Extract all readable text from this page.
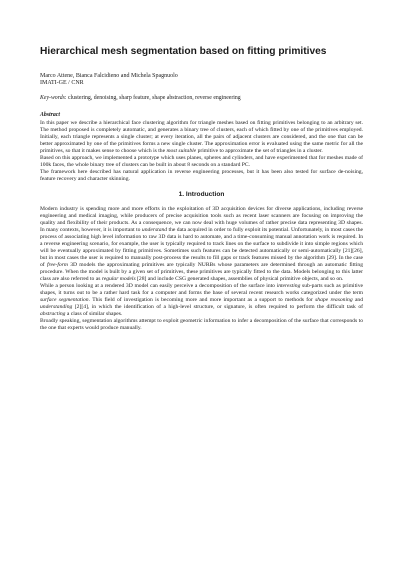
Hierarchical mesh segmentation based on fitting primitives
Marco Attene, Bianca Falcidieno and Michela Spagnuolo
IMATI-GE / CNR
Key-words: clustering, denoising, sharp feature, shape abstraction, reverse engineering
Abstract

In this paper we describe a hierarchical face clustering algorithm for triangle meshes based on fitting primitives belonging to an arbitrary set. The method proposed is completely automatic, and generates a binary tree of clusters, each of which fitted by one of the primitives employed. Initially, each triangle represents a single cluster; at every iteration, all the pairs of adjacent clusters are considered, and the one that can be better approximated by one of the primitives forms a new single cluster. The approximation error is evaluated using the same metric for all the primitives, so that it makes sense to choose which is the most suitable primitive to approximate the set of triangles in a cluster.

Based on this approach, we implemented a prototype which uses planes, spheres and cylinders, and have experimented that for meshes made of 100k faces, the whole binary tree of clusters can be built in about 8 seconds on a standard PC.

The framework here described has natural application in reverse engineering processes, but it has been also tested for surface de-noising, feature recovery and character skinning.

1. Introduction

Modern industry is spending more and more efforts in the exploitation of 3D acquisition devices for diverse applications, including reverse engineering and medical imaging, while producers of precise acquisition tools such as recent laser scanners are focusing on improving the quality and flexibility of their products. As a consequence, we can now deal with huge volumes of rather precise data representing 3D shapes. In many contexts, however, it is important to understand the data acquired in order to fully exploit its potential. Unfortunately, in most cases the process of associating high level information to raw 3D data is hard to automate, and a time-consuming manual annotation work is required. In a reverse engineering scenario, for example, the user is typically required to track lines on the surface to subdivide it into simple regions which will be eventually approximated by fitting primitives. Sometimes such features can be detected automatically or semi-automatically [21][26], but in most cases the user is required to manually post-process the results to fill gaps or track features missed by the algorithm [29]. In the case of free-form 3D models the approximating primitives are typically NURBs whose parameters are determined through an automatic fitting procedure. When the model is built by a given set of primitives, these primitives are typically fitted to the data. Models belonging to this latter class are also referred to as regular models [28] and include CSG generated shapes, assemblies of physical primitive objects, and so on.

While a person looking at a rendered 3D model can easily perceive a decomposition of the surface into interesting sub-parts such as primitive shapes, it turns out to be a rather hard task for a computer and forms the base of several recent research works categorized under the term surface segmentation. This field of investigation is becoming more and more important as a support to methods for shape reasoning and understanding [2][4], in which the identification of a high-level structure, or signature, is often required to perform the difficult task of abstracting a class of similar shapes.

Broadly speaking, segmentation algorithms attempt to exploit geometric information to infer a decomposition of the surface that corresponds to the one that experts would produce manually.
